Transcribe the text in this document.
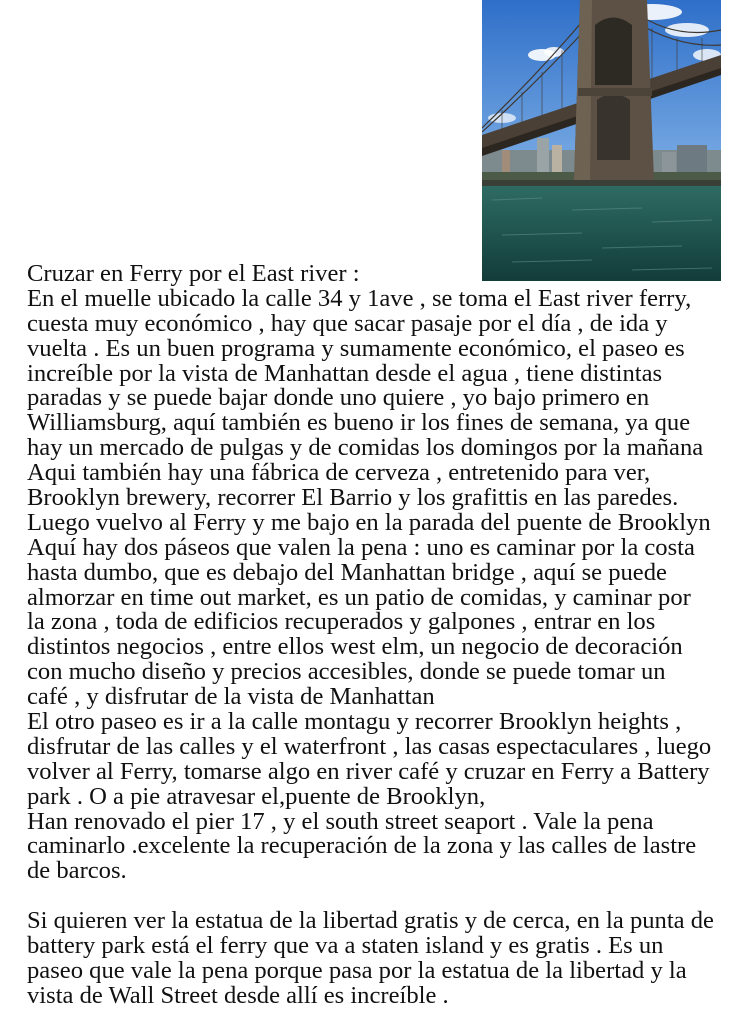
Cruzar en Ferry por el East river :
En el muelle ubicado la calle 34 y 1ave , se toma el East river ferry,
cuesta muy económico , hay que sacar pasaje por el día , de ida y
vuelta . Es un buen programa y sumamente económico, el paseo es
increíble por la vista de Manhattan desde el agua , tiene distintas
paradas y se puede bajar donde uno quiere , yo bajo primero en
Williamsburg, aquí también es bueno ir los fines de semana, ya que
hay un mercado de pulgas y de comidas los domingos por la mañana
Aqui también hay una fábrica de cerveza , entretenido para ver,
Brooklyn brewery, recorrer El Barrio y los grafittis en las paredes.
Luego vuelvo al Ferry y me bajo en la parada del puente de Brooklyn
Aquí hay dos páseos que valen la pena : uno es caminar por la costa
hasta dumbo, que es debajo del Manhattan bridge , aquí se puede
almorzar en time out market, es un patio de comidas, y caminar por
la zona , toda de edificios recuperados y galpones , entrar en los
distintos negocios , entre ellos west elm, un negocio de decoración
con mucho diseño y precios accesibles, donde se puede tomar un
café , y disfrutar de la vista de Manhattan
El otro paseo es ir a la calle montagu y recorrer Brooklyn heights ,
disfrutar de las calles y el waterfront , las casas espectaculares , luego
volver al Ferry, tomarse algo en river café y cruzar en Ferry a Battery
park . O a pie atravesar el,puente de Brooklyn,
Han renovado el pier 17 , y el south street seaport . Vale la pena
caminarlo .excelente la recuperación de la zona y las calles de lastre
de barcos.
Si quieren ver la estatua de la libertad gratis y de cerca, en la punta de
battery park está el ferry que va a staten island y es gratis . Es un
paseo que vale la pena porque pasa por la estatua de la libertad y la
vista de Wall Street desde allí es increíble .
